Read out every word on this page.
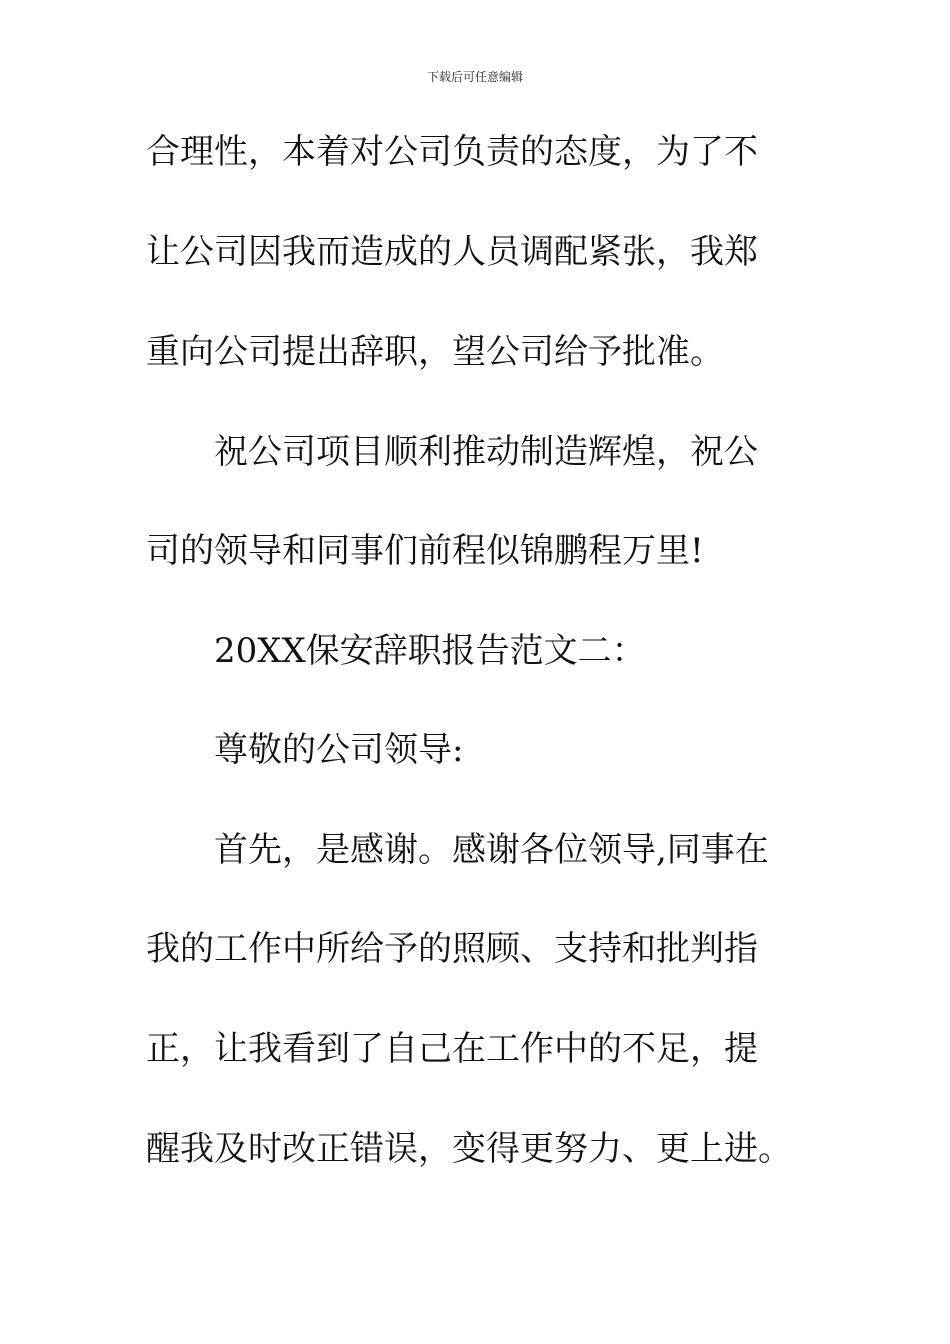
下载后可任意编辑
合理性，本着对公司负责的态度，为了不
让公司因我而造成的人员调配紧张，我郑
重向公司提出辞职，望公司给予批准。
祝公司项目顺利推动制造辉煌，祝公
司的领导和同事们前程似锦鹏程万里!
20XX保安辞职报告范文二：
尊敬的公司领导:
首先，是感谢。感谢各位领导,同事在
我的工作中所给予的照顾、支持和批判指
正，让我看到了自己在工作中的不足，提
醒我及时改正错误，变得更努力、更上进。
